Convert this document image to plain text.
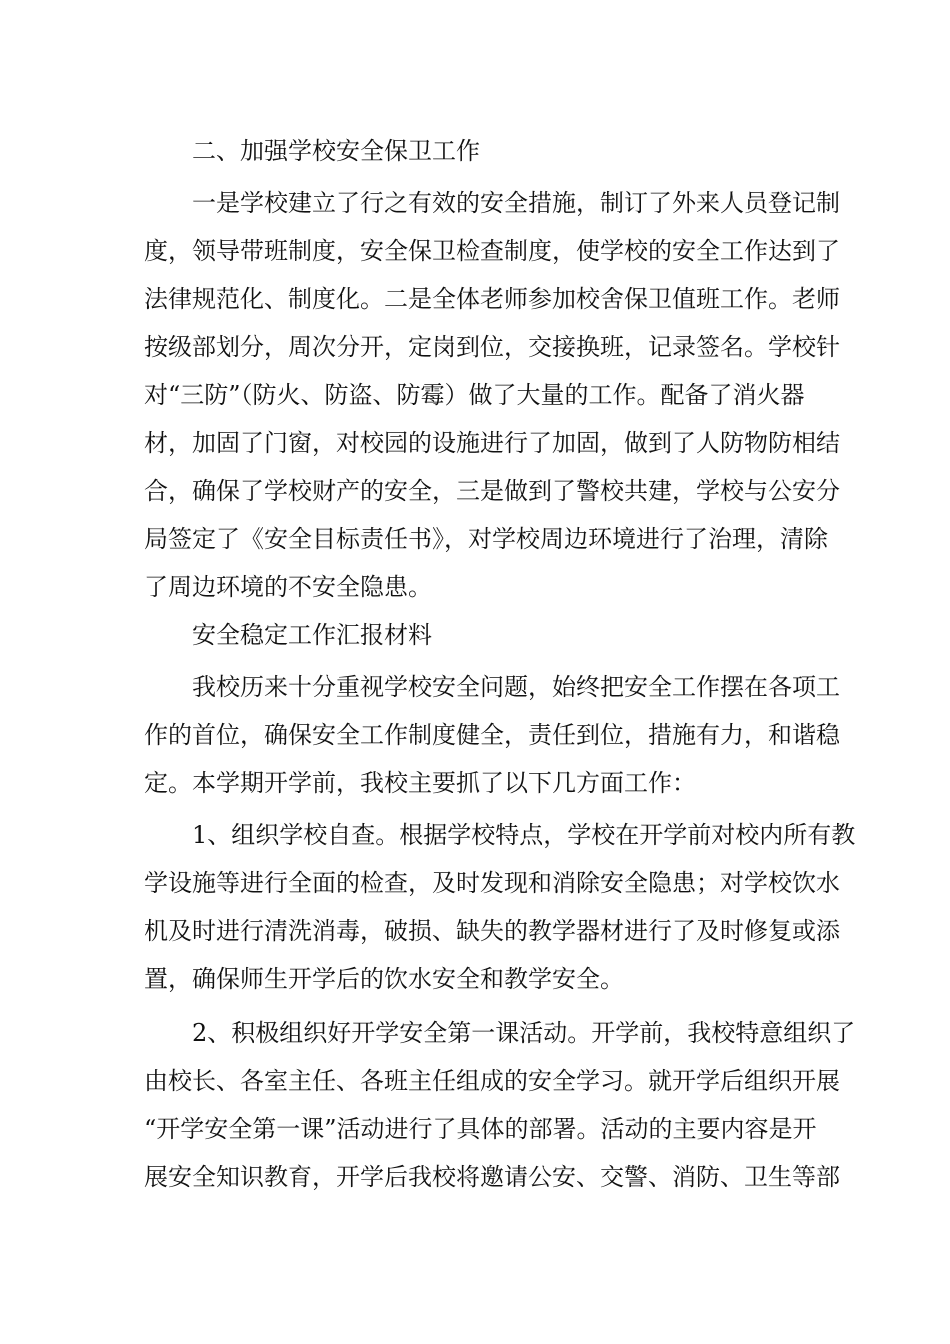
二、加强学校安全保卫工作
一是学校建立了行之有效的安全措施，制订了外来人员登记制
度，领导带班制度，安全保卫检查制度，使学校的安全工作达到了
法律规范化、制度化。二是全体老师参加校舍保卫值班工作。老师
按级部划分，周次分开，定岗到位，交接换班，记录签名。学校针
对“三防”（防火、防盗、防霉）做了大量的工作。配备了消火器
材，加固了门窗，对校园的设施进行了加固，做到了人防物防相结
合，确保了学校财产的安全，三是做到了警校共建，学校与公安分
局签定了《安全目标责任书》，对学校周边环境进行了治理，清除
了周边环境的不安全隐患。
安全稳定工作汇报材料
我校历来十分重视学校安全问题，始终把安全工作摆在各项工
作的首位，确保安全工作制度健全，责任到位，措施有力，和谐稳
定。本学期开学前，我校主要抓了以下几方面工作：
1、组织学校自查。根据学校特点，学校在开学前对校内所有教
学设施等进行全面的检查，及时发现和消除安全隐患；对学校饮水
机及时进行清洗消毒，破损、缺失的教学器材进行了及时修复或添
置，确保师生开学后的饮水安全和教学安全。
2、积极组织好开学安全第一课活动。开学前，我校特意组织了
由校长、各室主任、各班主任组成的安全学习。就开学后组织开展
“开学安全第一课”活动进行了具体的部署。活动的主要内容是开
展安全知识教育，开学后我校将邀请公安、交警、消防、卫生等部
